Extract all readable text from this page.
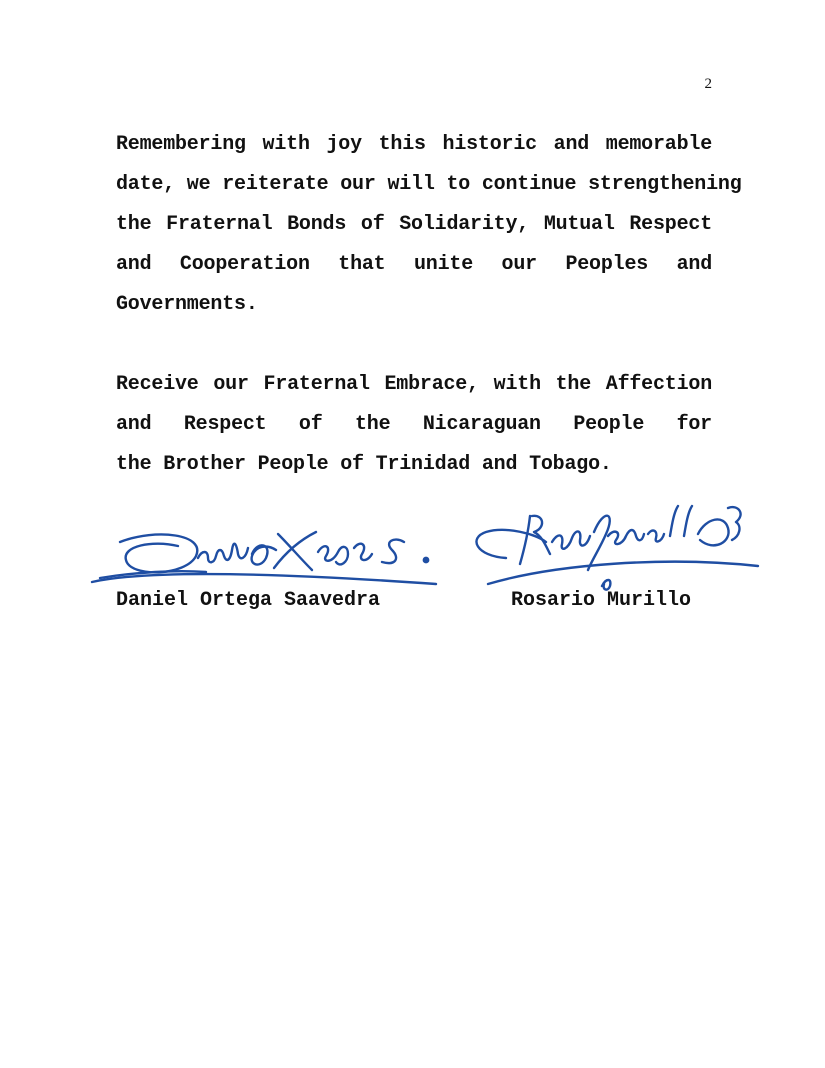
2
Remembering with joy this historic and memorable
date, we reiterate our will to continue strengthening
the Fraternal Bonds of Solidarity, Mutual Respect
and Cooperation that unite our Peoples and
Governments.
Receive our Fraternal Embrace, with the Affection
and Respect of the Nicaraguan People for
the Brother People of Trinidad and Tobago.
Daniel Ortega Saavedra	Rosario Murillo
